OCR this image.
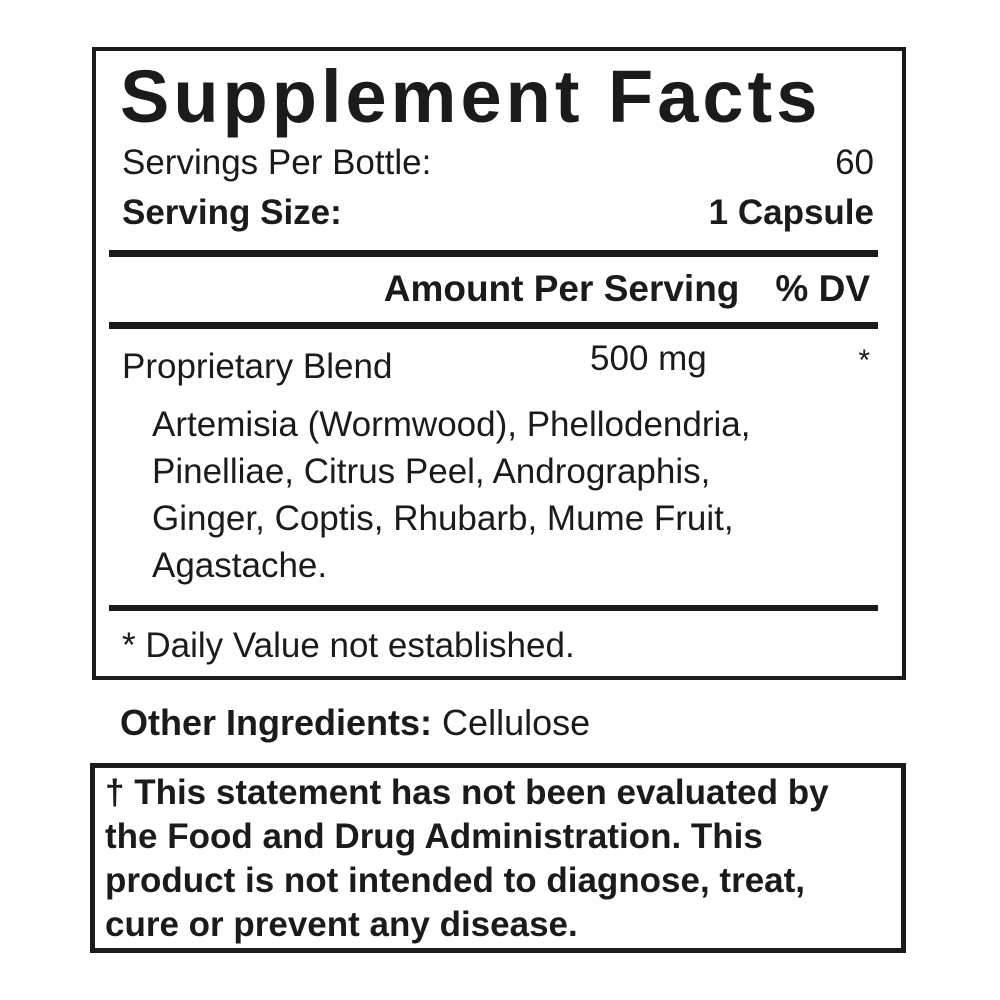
Supplement Facts
Servings Per Bottle:	60
Serving Size:	1 Capsule
Amount Per Serving % DV
Proprietary Blend	500 mg	*
Artemisia (Wormwood), Phellodendria,
Pinelliae, Citrus Peel, Andrographis,
Ginger, Coptis, Rhubarb, Mume Fruit,
Agastache.
* Daily Value not established.
Other Ingredients: Cellulose
† This statement has not been evaluated by
the Food and Drug Administration. This
product is not intended to diagnose, treat,
cure or prevent any disease.
